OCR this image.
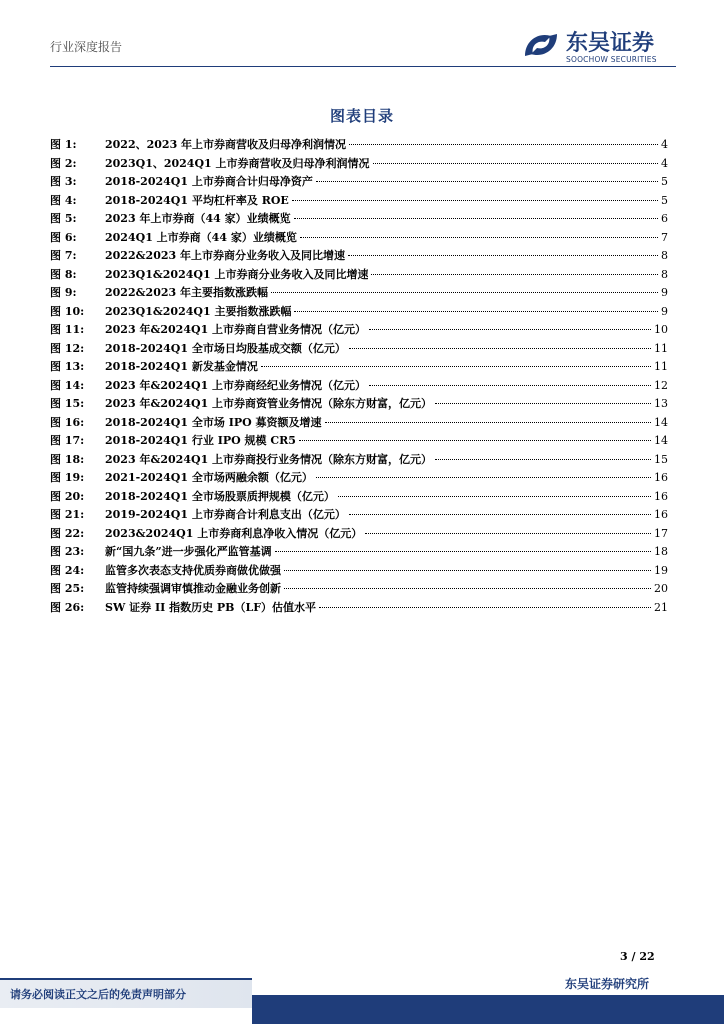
行业深度报告	东吴证券
SOOCHOW SECURITIES
图表目录
图 1:	2022、2023 年上市券商营收及归母净利润情况	4
图 2:	2023Q1、2024Q1 上市券商营收及归母净利润情况	4
图 3:	2018-2024Q1 上市券商合计归母净资产	5
图 4:	2018-2024Q1 平均杠杆率及 ROE	5
图 5:	2023 年上市券商（44 家）业绩概览	6
图 6:	2024Q1 上市券商（44 家）业绩概览	7
图 7:	2022&2023 年上市券商分业务收入及同比增速	8
图 8:	2023Q1&2024Q1 上市券商分业务收入及同比增速	8
图 9:	2022&2023 年主要指数涨跌幅	9
图 10:	2023Q1&2024Q1 主要指数涨跌幅	9
图 11:	2023 年&2024Q1 上市券商自营业务情况（亿元）	10
图 12:	2018-2024Q1 全市场日均股基成交额（亿元）	11
图 13:	2018-2024Q1 新发基金情况	11
图 14:	2023 年&2024Q1 上市券商经纪业务情况（亿元）	12
图 15:	2023 年&2024Q1 上市券商资管业务情况（除东方财富，亿元）	13
图 16:	2018-2024Q1 全市场 IPO 募资额及增速	14
图 17:	2018-2024Q1 行业 IPO 规模 CR5	14
图 18:	2023 年&2024Q1 上市券商投行业务情况（除东方财富，亿元）	15
图 19:	2021-2024Q1 全市场两融余额（亿元）	16
图 20:	2018-2024Q1 全市场股票质押规模（亿元）	16
图 21:	2019-2024Q1 上市券商合计利息支出（亿元）	16
图 22:	2023&2024Q1 上市券商利息净收入情况（亿元）	17
图 23:	新“国九条”进一步强化严监管基调	18
图 24:	监管多次表态支持优质券商做优做强	19
图 25:	监管持续强调审慎推动金融业务创新	20
图 26:	SW 证券 II 指数历史 PB（LF）估值水平	21
3 / 22
东吴证券研究所
请务必阅读正文之后的免责声明部分
